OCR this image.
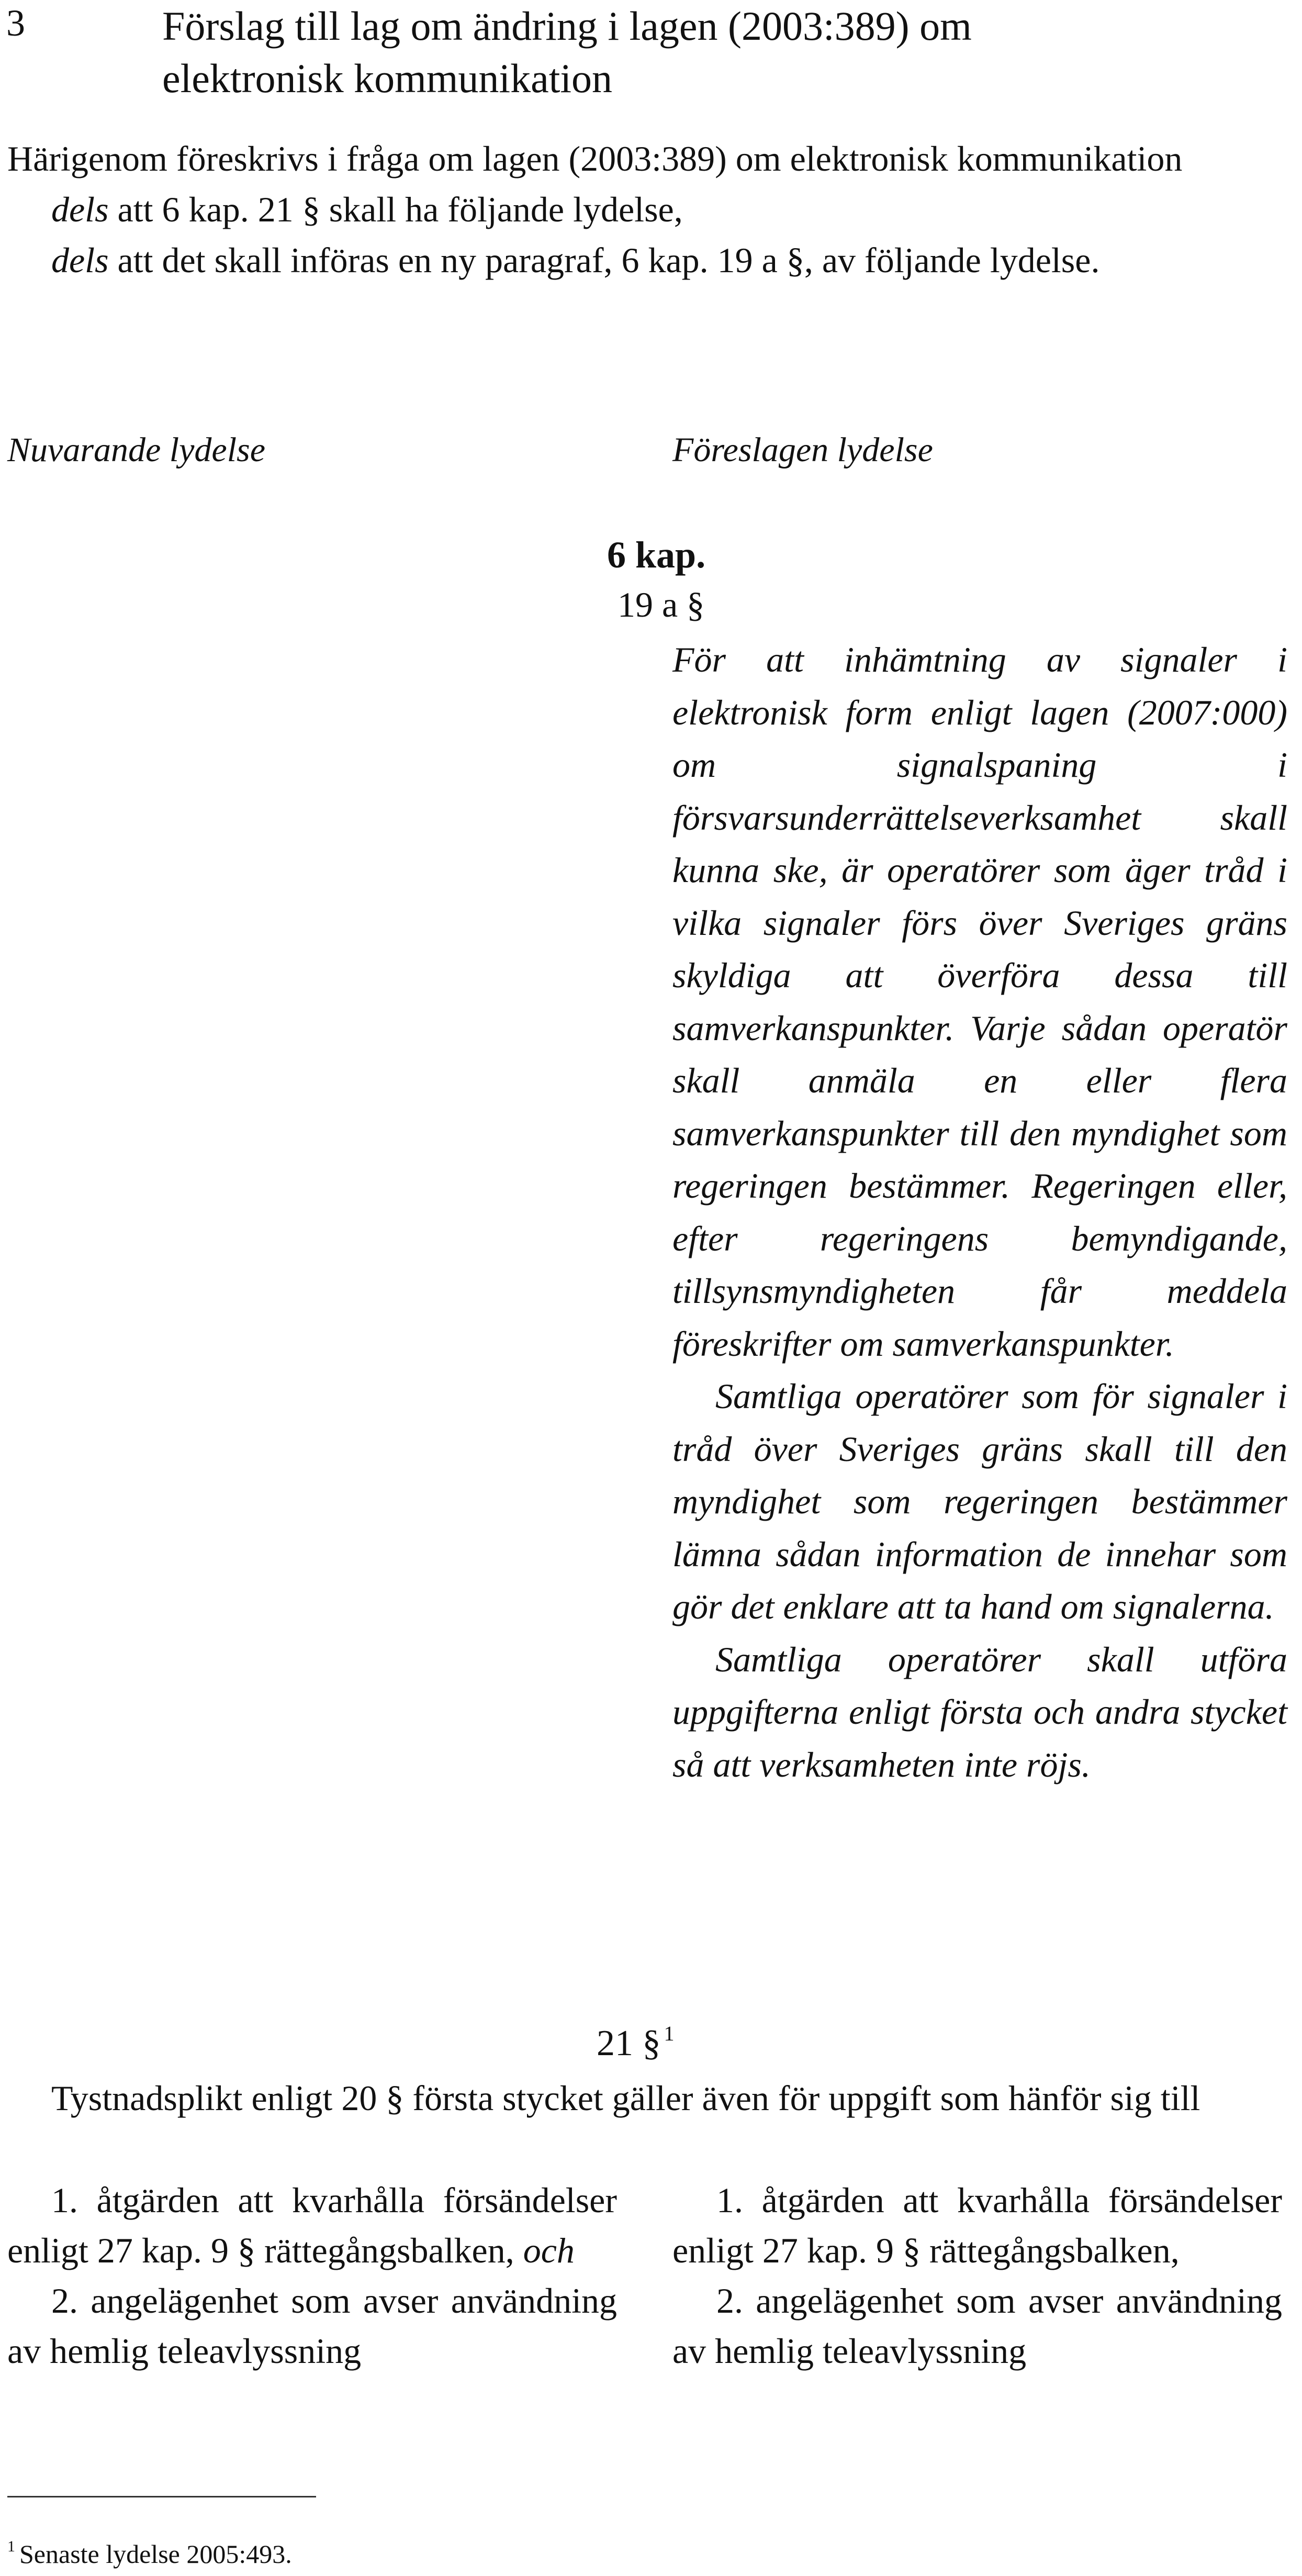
3	Förslag till lag om ändring i lagen (2003:389) om
elektronisk kommunikation

Härigenom föreskrivs i fråga om lagen (2003:389) om elektronisk kommunikation

dels att 6 kap. 21 § skall ha följande lydelse,

dels att det skall införas en ny paragraf, 6 kap. 19 a §, av följande lydelse.

Nuvarande lydelse	Föreslagen lydelse
6 kap.
19 a §

För att inhämtning av signaler i elektronisk form enligt lagen (2007:000) om signalspaning i försvarsunderrättelseverksamhet skall kunna ske, är operatörer som äger tråd i vilka signaler förs över Sveriges gräns skyldiga att överföra dessa till samverkanspunkter. Varje sådan operatör skall anmäla en eller flera samverkanspunkter till den myndighet som regeringen bestämmer. Regeringen eller, efter regeringens bemyndigande, tillsynsmyndigheten får meddela föreskrifter om samverkanspunkter.

Samtliga operatörer som för signaler i tråd över Sveriges gräns skall till den myndighet som regeringen bestämmer lämna sådan information de innehar som gör det enklare att ta hand om signalerna.

Samtliga operatörer skall utföra uppgifterna enligt första och andra stycket så att verksamheten inte röjs.

21 § $^1$

Tystnadsplikt enligt 20 § första stycket gäller även för uppgift som hänför sig till

1. åtgärden att kvarhålla försändelser enligt 27 kap. 9 § rättegångsbalken, och

2. angelägenhet som avser användning av hemlig teleavlyssning

1. åtgärden att kvarhålla försändelser enligt 27 kap. 9 § rättegångsbalken,

2. angelägenhet som avser användning av hemlig teleavlyssning

$^1$ Senaste lydelse 2005:493.
